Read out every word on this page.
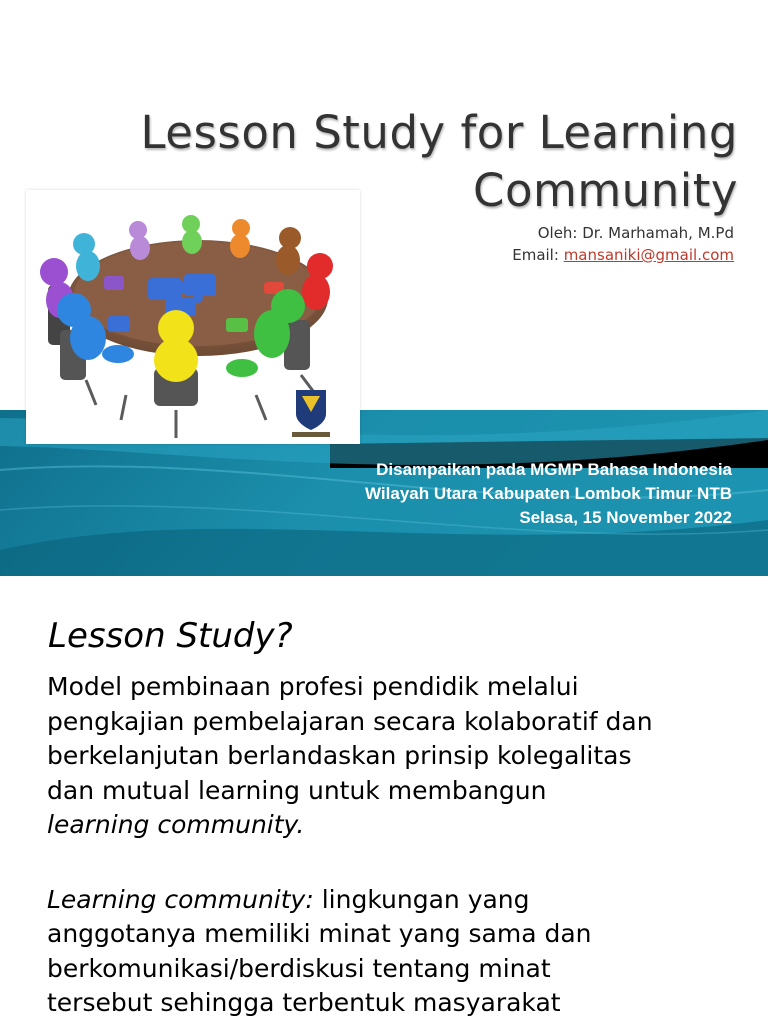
Lesson Study for Learning
Community
Oleh: Dr. Marhamah, M.Pd
Email: mansaniki@gmail.com
Disampaikan pada MGMP Bahasa Indonesia
Wilayah Utara Kabupaten Lombok Timur NTB
Selasa, 15 November 2022
Lesson Study?

Model pembinaan profesi pendidik melalui

pengkajian pembelajaran secara kolaboratif dan

berkelanjutan berlandaskan prinsip kolegalitas

dan mutual learning untuk membangun

learning community.

Learning community: lingkungan yang

anggotanya memiliki minat yang sama dan

berkomunikasi/berdiskusi tentang minat

tersebut sehingga terbentuk masyarakat
